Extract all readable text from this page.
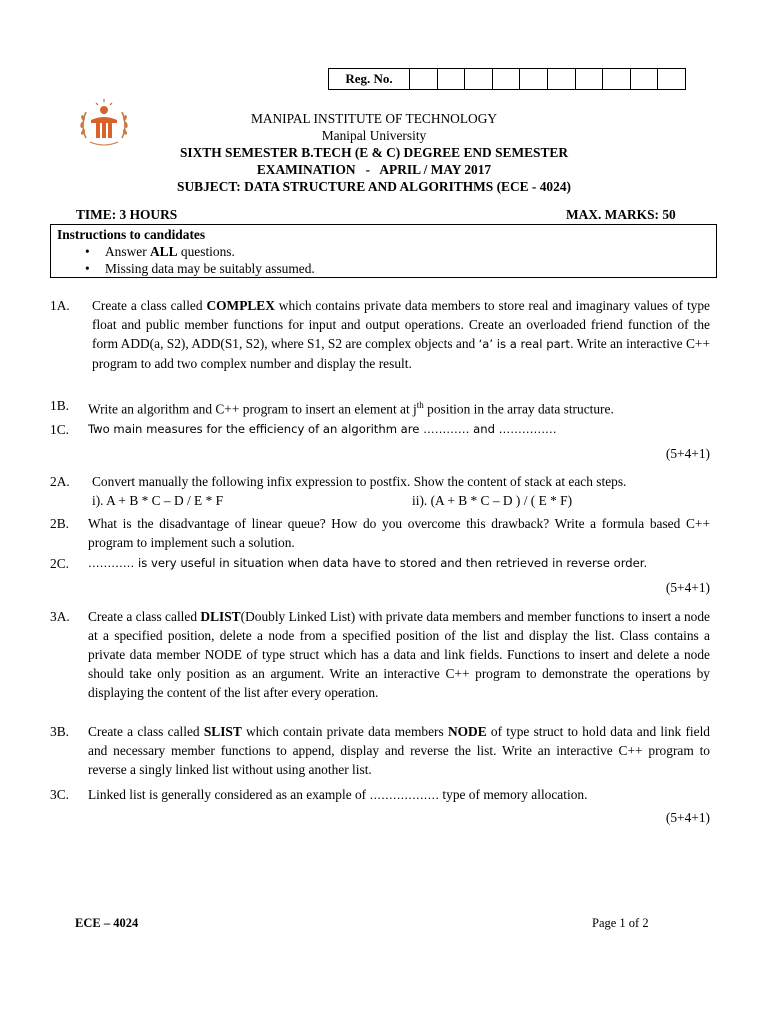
Reg. No.
MANIPAL INSTITUTE OF TECHNOLOGY
Manipal University
SIXTH SEMESTER B.TECH (E & C) DEGREE END SEMESTER
EXAMINATION   -   APRIL / MAY 2017
SUBJECT: DATA STRUCTURE AND ALGORITHMS (ECE - 4024)
TIME: 3 HOURS	MAX. MARKS: 50
Instructions to candidates
• Answer ALL questions.
• Missing data may be suitably assumed.
1A. Create a class called COMPLEX which contains private data members to store real and imaginary values of type float and public member functions for input and output operations. Create an overloaded friend function of the form ADD(a, S2), ADD(S1, S2), where S1, S2 are complex objects and ‘a’ is a real part. Write an interactive C++ program to add two complex number and display the result.
1B. Write an algorithm and C++ program to insert an element at $j^{th}$ position in the array data structure.
1C. Two main measures for the efficiency of an algorithm are ………… and ……………
(5+4+1)
2A. Convert manually the following infix expression to postfix. Show the content of stack at each steps.
i). A + B * C – D / E * F	ii). (A + B * C – D ) / ( E * F)
2B. What is the disadvantage of linear queue? How do you overcome this drawback? Write a formula based C++ program to implement such a solution.
2C. ………… is very useful in situation when data have to stored and then retrieved in reverse order.
(5+4+1)
3A. Create a class called DLIST(Doubly Linked List) with private data members and member functions to insert a node at a specified position, delete a node from a specified position of the list and display the list. Class contains a private data member NODE of type struct which has a data and link fields. Functions to insert and delete a node should take only position as an argument. Write an interactive C++ program to demonstrate the operations by displaying the content of the list after every operation.
3B. Create a class called SLIST which contain private data members NODE of type struct to hold data and link field and necessary member functions to append, display and reverse the list. Write an interactive C++ program to reverse a singly linked list without using another list.
3C. Linked list is generally considered as an example of ……………… type of memory allocation.
(5+4+1)
ECE – 4024	Page 1 of 2
